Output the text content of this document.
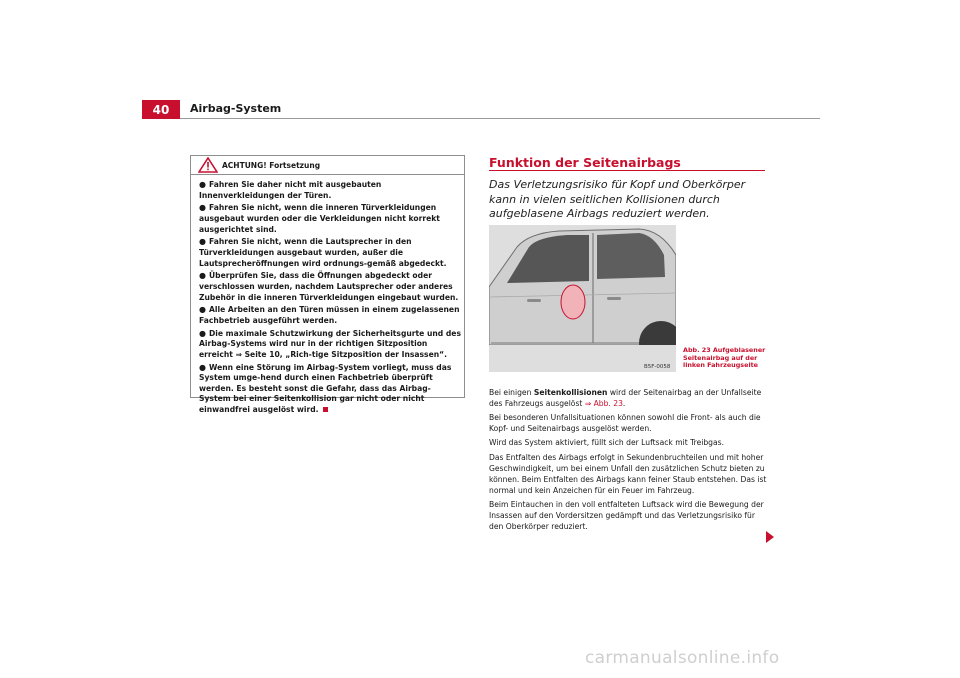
40	Airbag-System
ACHTUNG! Fortsetzung
● Fahren Sie daher nicht mit ausgebauten Innenverkleidungen der Türen.
● Fahren Sie nicht, wenn die inneren Türverkleidungen ausgebaut wurden oder die Verkleidungen nicht korrekt ausgerichtet sind.
● Fahren Sie nicht, wenn die Lautsprecher in den Türverkleidungen ausgebaut wurden, außer die Lautsprecheröffnungen wird ordnungs-gemäß abgedeckt.
● Überprüfen Sie, dass die Öffnungen abgedeckt oder verschlossen wurden, nachdem Lautsprecher oder anderes Zubehör in die inneren Türverkleidungen eingebaut wurden.
● Alle Arbeiten an den Türen müssen in einem zugelassenen Fachbetrieb ausgeführt werden.
● Die maximale Schutzwirkung der Sicherheitsgurte und des Airbag-Systems wird nur in der richtigen Sitzposition erreicht ⇒ Seite 10, „Rich-tige Sitzposition der Insassen“.
● Wenn eine Störung im Airbag-System vorliegt, muss das System umge-hend durch einen Fachbetrieb überprüft werden. Es besteht sonst die Gefahr, dass das Airbag-System bei einer Seitenkollision gar nicht oder nicht einwandfrei ausgelöst wird.
Funktion der Seitenairbags
Das Verletzungsrisiko für Kopf und Oberkörper kann in vielen seitlichen Kollisionen durch aufgeblasene Airbags reduziert werden.
B5F-0058
Abb. 23 Aufgeblasener Seitenairbag auf der linken Fahrzeugseite

Bei einigen Seitenkollisionen wird der Seitenairbag an der Unfallseite des Fahrzeugs ausgelöst ⇒ Abb. 23.

Bei besonderen Unfallsituationen können sowohl die Front- als auch die Kopf- und Seitenairbags ausgelöst werden.

Wird das System aktiviert, füllt sich der Luftsack mit Treibgas.

Das Entfalten des Airbags erfolgt in Sekundenbruchteilen und mit hoher Geschwindigkeit, um bei einem Unfall den zusätzlichen Schutz bieten zu können. Beim Entfalten des Airbags kann feiner Staub entstehen. Das ist normal und kein Anzeichen für ein Feuer im Fahrzeug.

Beim Eintauchen in den voll entfalteten Luftsack wird die Bewegung der Insassen auf den Vordersitzen gedämpft und das Verletzungsrisiko für den Oberkörper reduziert.

carmanualsonline.info
